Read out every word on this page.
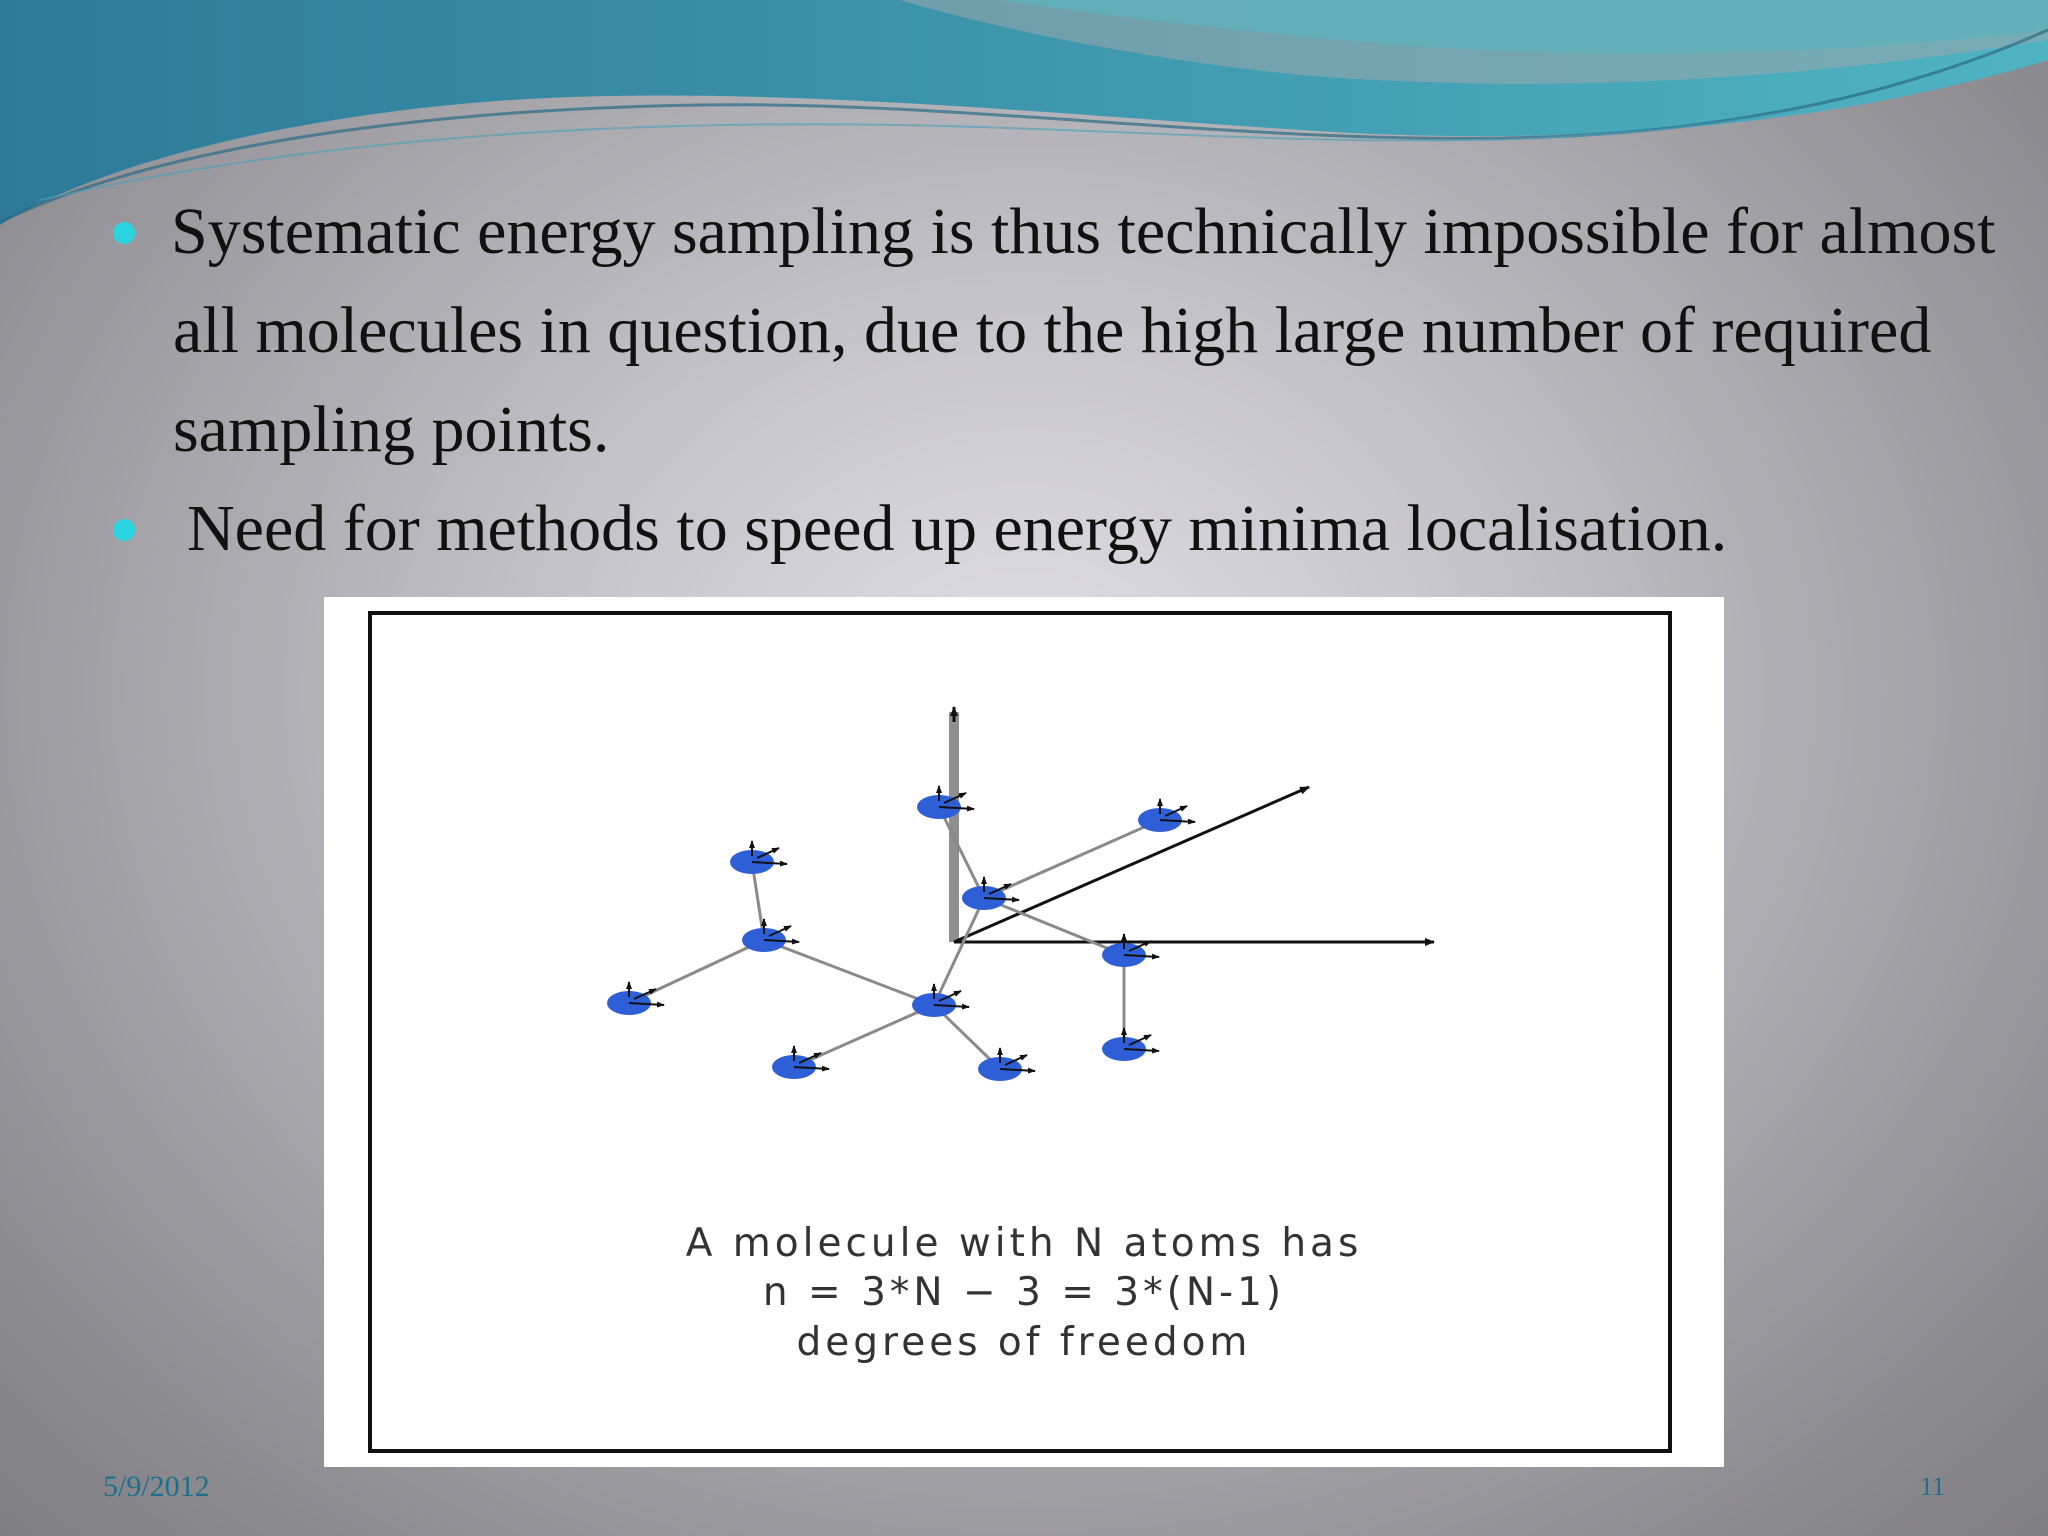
Systematic energy sampling is thus technically impossible for almost all molecules in question, due to the high large number of required sampling points.
Need for methods to speed up energy minima localisation.
A molecule with N atoms has
n = 3*N − 3 = 3*(N-1)
degrees of freedom
5/9/2012	11
